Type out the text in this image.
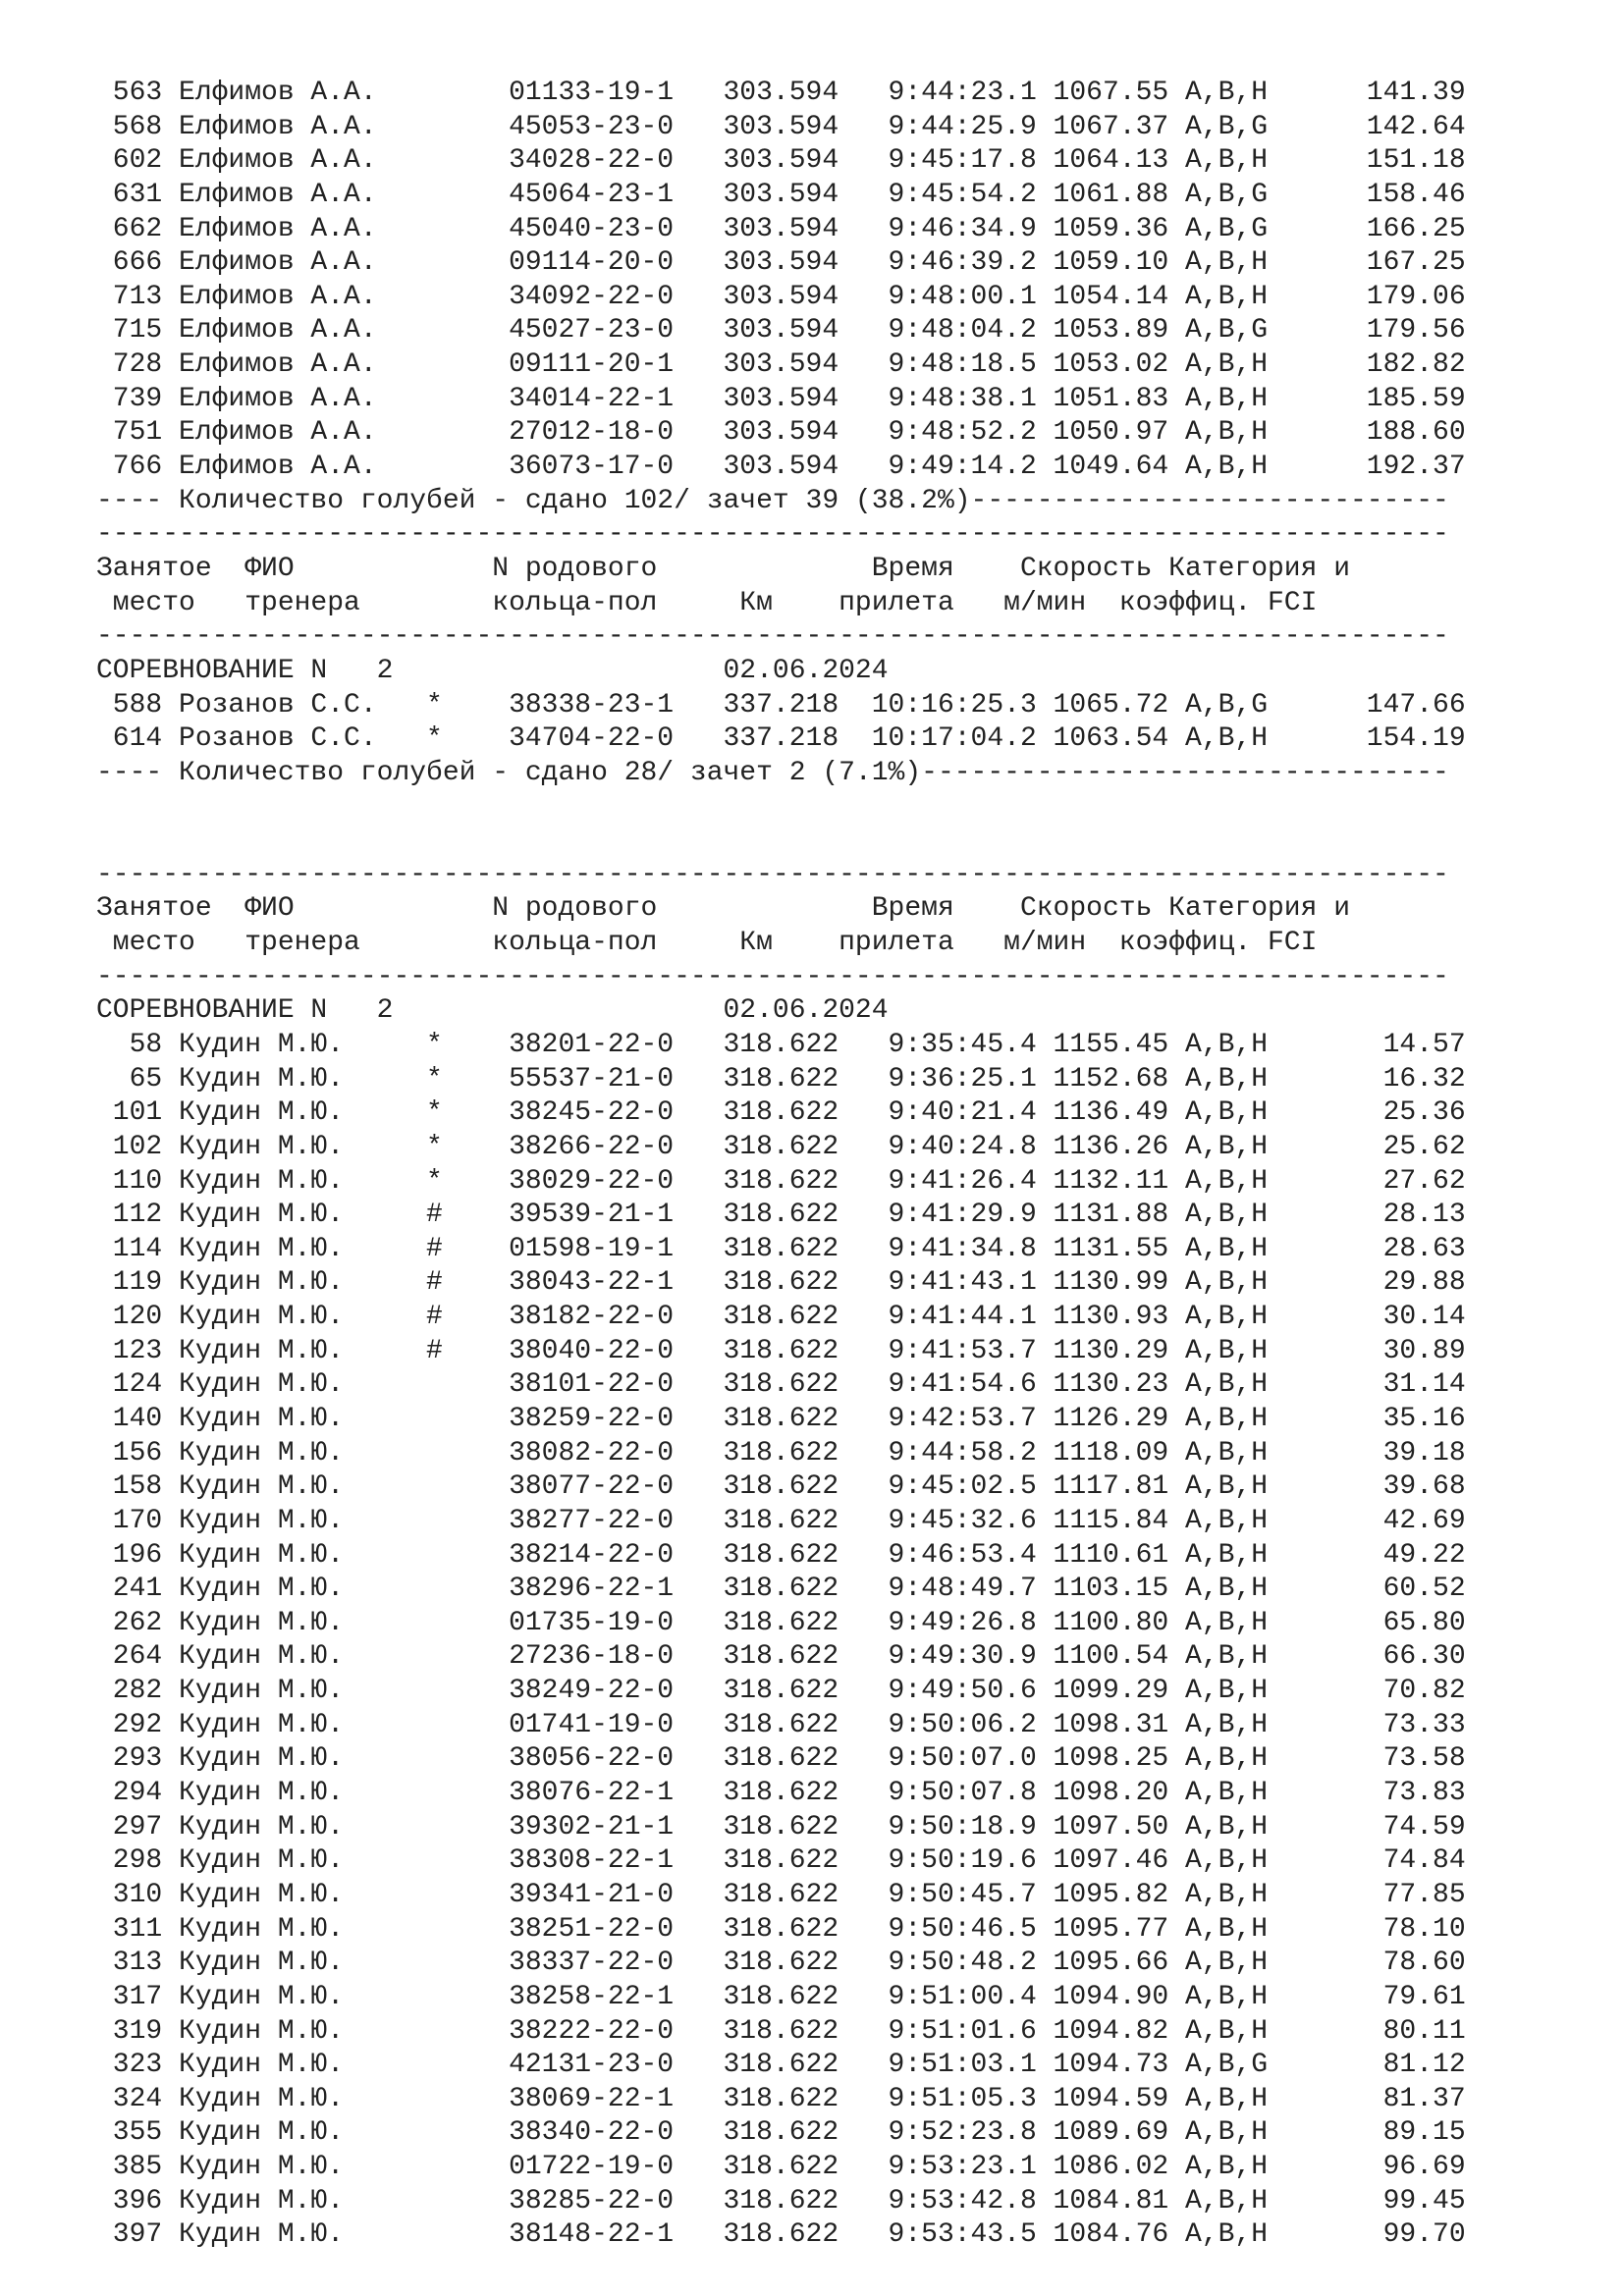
563 Елфимов А.А.        01133-19-1   303.594   9:44:23.1 1067.55 A,B,H      141.39
568 Елфимов А.А.        45053-23-0   303.594   9:44:25.9 1067.37 A,B,G      142.64
602 Елфимов А.А.        34028-22-0   303.594   9:45:17.8 1064.13 A,B,H      151.18
631 Елфимов А.А.        45064-23-1   303.594   9:45:54.2 1061.88 A,B,G      158.46
662 Елфимов А.А.        45040-23-0   303.594   9:46:34.9 1059.36 A,B,G      166.25
666 Елфимов А.А.        09114-20-0   303.594   9:46:39.2 1059.10 A,B,H      167.25
713 Елфимов А.А.        34092-22-0   303.594   9:48:00.1 1054.14 A,B,H      179.06
715 Елфимов А.А.        45027-23-0   303.594   9:48:04.2 1053.89 A,B,G      179.56
728 Елфимов А.А.        09111-20-1   303.594   9:48:18.5 1053.02 A,B,H      182.82
739 Елфимов А.А.        34014-22-1   303.594   9:48:38.1 1051.83 A,B,H      185.59
751 Елфимов А.А.        27012-18-0   303.594   9:48:52.2 1050.97 A,B,H      188.60
766 Елфимов А.А.        36073-17-0   303.594   9:49:14.2 1049.64 A,B,H      192.37
---- Количество голубей - сдано 102/ зачет 39 (38.2%)-----------------------------
----------------------------------------------------------------------------------
Занятое  ФИО            N родового             Время    Скорость Категория и
место   тренера        кольца-пол     Км    прилета   м/мин  коэффиц. FCI
----------------------------------------------------------------------------------
СОРЕВНОВАНИЕ N   2                    02.06.2024
588 Розанов С.С.   *    38338-23-1   337.218  10:16:25.3 1065.72 A,B,G      147.66
614 Розанов С.С.   *    34704-22-0   337.218  10:17:04.2 1063.54 A,B,H      154.19
---- Количество голубей - сдано 28/ зачет 2 (7.1%)--------------------------------
----------------------------------------------------------------------------------
Занятое  ФИО            N родового             Время    Скорость Категория и
место   тренера        кольца-пол     Км    прилета   м/мин  коэффиц. FCI
----------------------------------------------------------------------------------
СОРЕВНОВАНИЕ N   2                    02.06.2024
58 Кудин М.Ю.     *    38201-22-0   318.622   9:35:45.4 1155.45 A,B,H       14.57
65 Кудин М.Ю.     *    55537-21-0   318.622   9:36:25.1 1152.68 A,B,H       16.32
101 Кудин М.Ю.     *    38245-22-0   318.622   9:40:21.4 1136.49 A,B,H       25.36
102 Кудин М.Ю.     *    38266-22-0   318.622   9:40:24.8 1136.26 A,B,H       25.62
110 Кудин М.Ю.     *    38029-22-0   318.622   9:41:26.4 1132.11 A,B,H       27.62
112 Кудин М.Ю.     #    39539-21-1   318.622   9:41:29.9 1131.88 A,B,H       28.13
114 Кудин М.Ю.     #    01598-19-1   318.622   9:41:34.8 1131.55 A,B,H       28.63
119 Кудин М.Ю.     #    38043-22-1   318.622   9:41:43.1 1130.99 A,B,H       29.88
120 Кудин М.Ю.     #    38182-22-0   318.622   9:41:44.1 1130.93 A,B,H       30.14
123 Кудин М.Ю.     #    38040-22-0   318.622   9:41:53.7 1130.29 A,B,H       30.89
124 Кудин М.Ю.          38101-22-0   318.622   9:41:54.6 1130.23 A,B,H       31.14
140 Кудин М.Ю.          38259-22-0   318.622   9:42:53.7 1126.29 A,B,H       35.16
156 Кудин М.Ю.          38082-22-0   318.622   9:44:58.2 1118.09 A,B,H       39.18
158 Кудин М.Ю.          38077-22-0   318.622   9:45:02.5 1117.81 A,B,H       39.68
170 Кудин М.Ю.          38277-22-0   318.622   9:45:32.6 1115.84 A,B,H       42.69
196 Кудин М.Ю.          38214-22-0   318.622   9:46:53.4 1110.61 A,B,H       49.22
241 Кудин М.Ю.          38296-22-1   318.622   9:48:49.7 1103.15 A,B,H       60.52
262 Кудин М.Ю.          01735-19-0   318.622   9:49:26.8 1100.80 A,B,H       65.80
264 Кудин М.Ю.          27236-18-0   318.622   9:49:30.9 1100.54 A,B,H       66.30
282 Кудин М.Ю.          38249-22-0   318.622   9:49:50.6 1099.29 A,B,H       70.82
292 Кудин М.Ю.          01741-19-0   318.622   9:50:06.2 1098.31 A,B,H       73.33
293 Кудин М.Ю.          38056-22-0   318.622   9:50:07.0 1098.25 A,B,H       73.58
294 Кудин М.Ю.          38076-22-1   318.622   9:50:07.8 1098.20 A,B,H       73.83
297 Кудин М.Ю.          39302-21-1   318.622   9:50:18.9 1097.50 A,B,H       74.59
298 Кудин М.Ю.          38308-22-1   318.622   9:50:19.6 1097.46 A,B,H       74.84
310 Кудин М.Ю.          39341-21-0   318.622   9:50:45.7 1095.82 A,B,H       77.85
311 Кудин М.Ю.          38251-22-0   318.622   9:50:46.5 1095.77 A,B,H       78.10
313 Кудин М.Ю.          38337-22-0   318.622   9:50:48.2 1095.66 A,B,H       78.60
317 Кудин М.Ю.          38258-22-1   318.622   9:51:00.4 1094.90 A,B,H       79.61
319 Кудин М.Ю.          38222-22-0   318.622   9:51:01.6 1094.82 A,B,H       80.11
323 Кудин М.Ю.          42131-23-0   318.622   9:51:03.1 1094.73 A,B,G       81.12
324 Кудин М.Ю.          38069-22-1   318.622   9:51:05.3 1094.59 A,B,H       81.37
355 Кудин М.Ю.          38340-22-0   318.622   9:52:23.8 1089.69 A,B,H       89.15
385 Кудин М.Ю.          01722-19-0   318.622   9:53:23.1 1086.02 A,B,H       96.69
396 Кудин М.Ю.          38285-22-0   318.622   9:53:42.8 1084.81 A,B,H       99.45
397 Кудин М.Ю.          38148-22-1   318.622   9:53:43.5 1084.76 A,B,H       99.70
